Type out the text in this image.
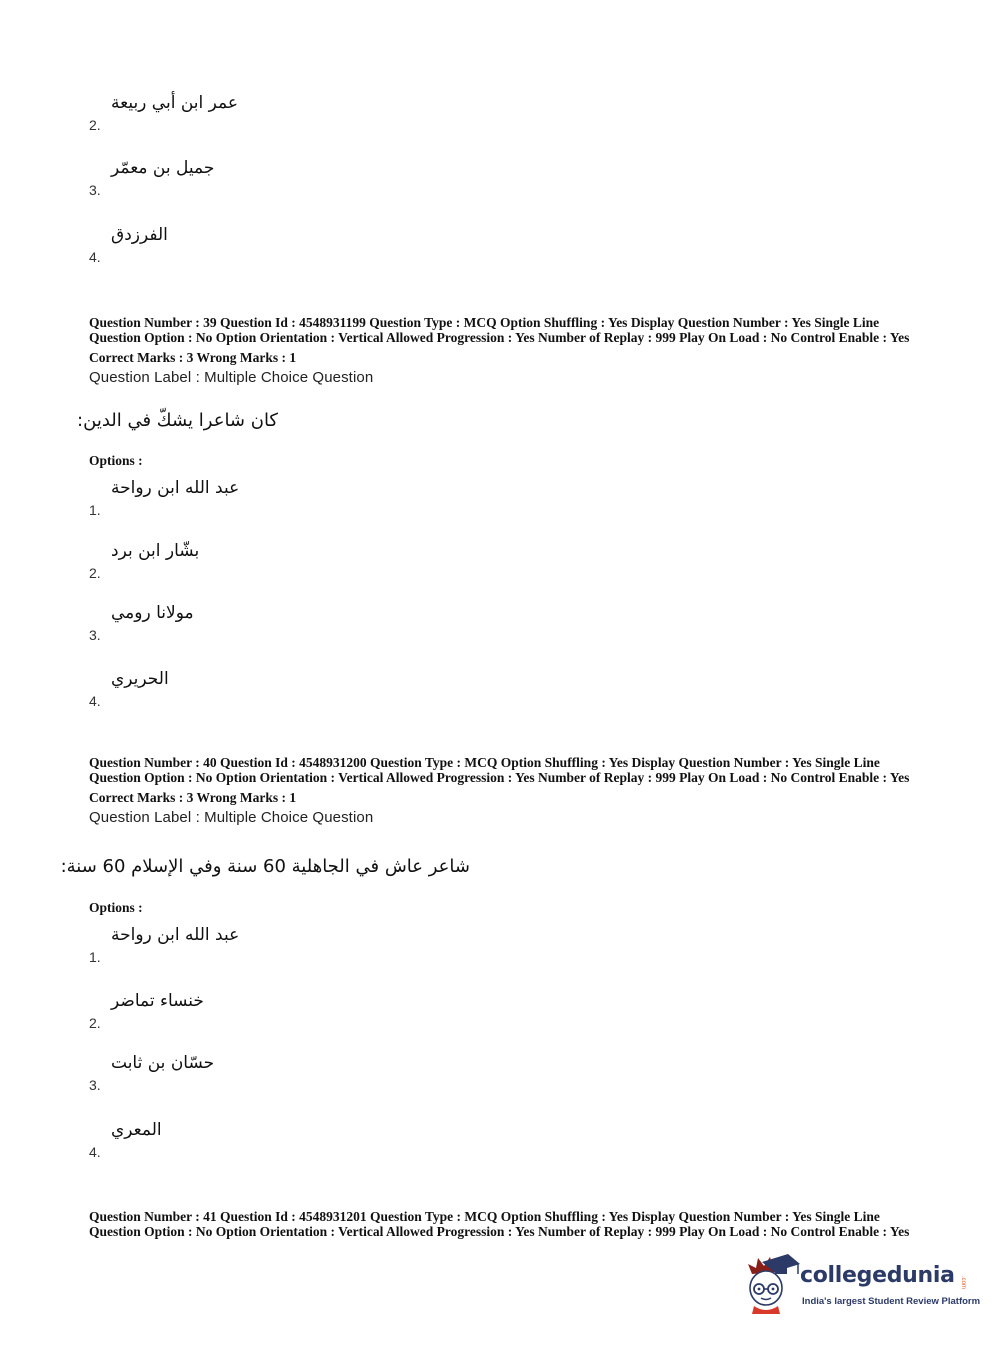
2.
عمر ابن أبي ربيعة
3.
جميل بن معمّر
4.
الفرزدق
Question Number : 39 Question Id : 4548931199 Question Type : MCQ Option Shuffling : Yes Display Question Number : Yes Single Line Question Option : No Option Orientation : Vertical Allowed Progression : Yes Number of Replay : 999 Play On Load : No Control Enable : Yes
Correct Marks : 3 Wrong Marks : 1
Question Label : Multiple Choice Question
كان شاعرا يشكّ في الدين:
Options :
1.
عبد الله ابن رواحة
2.
بشّار ابن برد
3.
مولانا رومي
4.
الحريري
Question Number : 40 Question Id : 4548931200 Question Type : MCQ Option Shuffling : Yes Display Question Number : Yes Single Line Question Option : No Option Orientation : Vertical Allowed Progression : Yes Number of Replay : 999 Play On Load : No Control Enable : Yes
Correct Marks : 3 Wrong Marks : 1
Question Label : Multiple Choice Question
شاعر عاش في الجاهلية 60 سنة وفي الإسلام 60 سنة:
Options :
1.
عبد الله ابن رواحة
2.
خنساء تماضر
3.
حسّان بن ثابت
4.
المعري
Question Number : 41 Question Id : 4548931201 Question Type : MCQ Option Shuffling : Yes Display Question Number : Yes Single Line Question Option : No Option Orientation : Vertical Allowed Progression : Yes Number of Replay : 999 Play On Load : No Control Enable : Yes
collegedunia .com
India's largest Student Review Platform
